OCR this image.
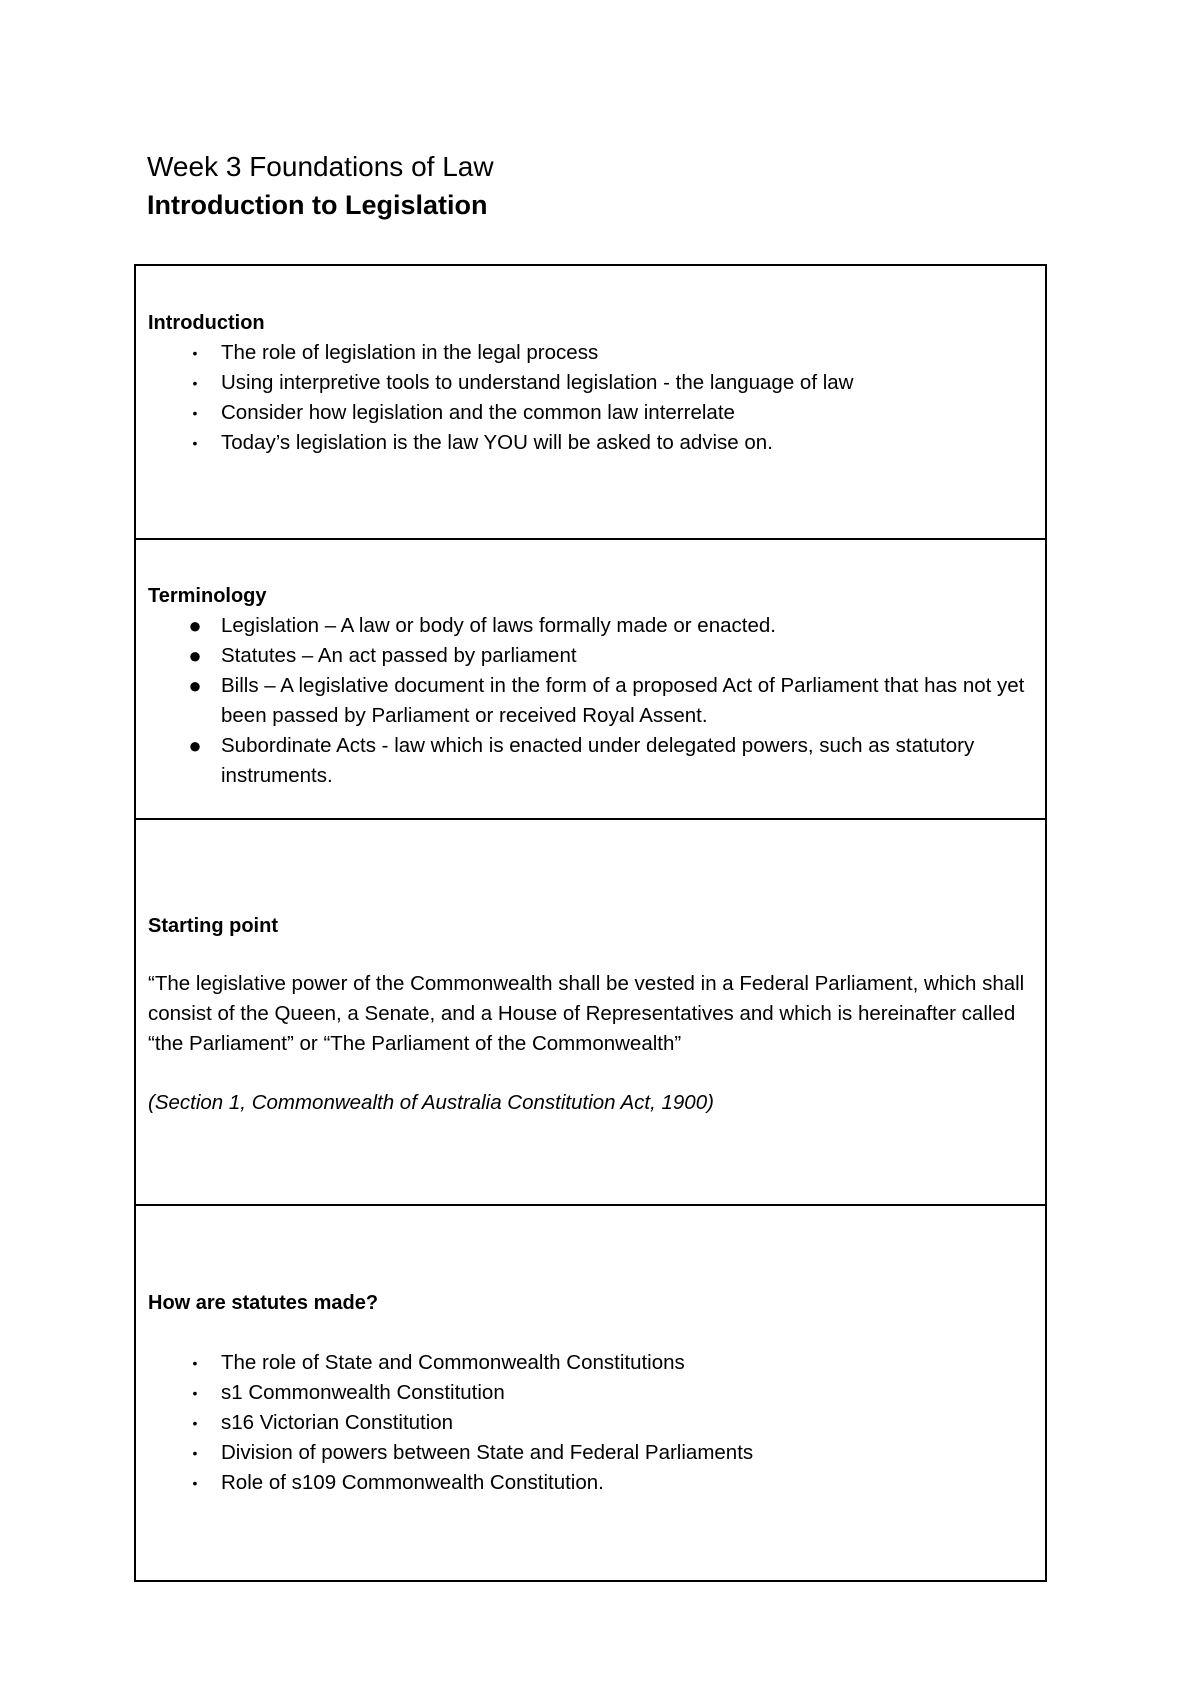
Week 3 Foundations of Law

Introduction to Legislation

Introduction

•	The role of legislation in the legal process
•	Using interpretive tools to understand legislation - the language of law
•	Consider how legislation and the common law interrelate
•	Today’s legislation is the law YOU will be asked to advise on.

Terminology

● Legislation – A law or body of laws formally made or enacted.
● Statutes – An act passed by parliament
● Bills – A legislative document in the form of a proposed Act of Parliament that has not yet been passed by Parliament or received Royal Assent.
● Subordinate Acts - law which is enacted under delegated powers, such as statutory instruments.

Starting point

“The legislative power of the Commonwealth shall be vested in a Federal Parliament, which shall consist of the Queen, a Senate, and a House of Representatives and which is hereinafter called “the Parliament” or “The Parliament of the Commonwealth”

(Section 1, Commonwealth of Australia Constitution Act, 1900)

How are statutes made?

•	The role of State and Commonwealth Constitutions
•	s1 Commonwealth Constitution
•	s16 Victorian Constitution
•	Division of powers between State and Federal Parliaments
•	Role of s109 Commonwealth Constitution.
